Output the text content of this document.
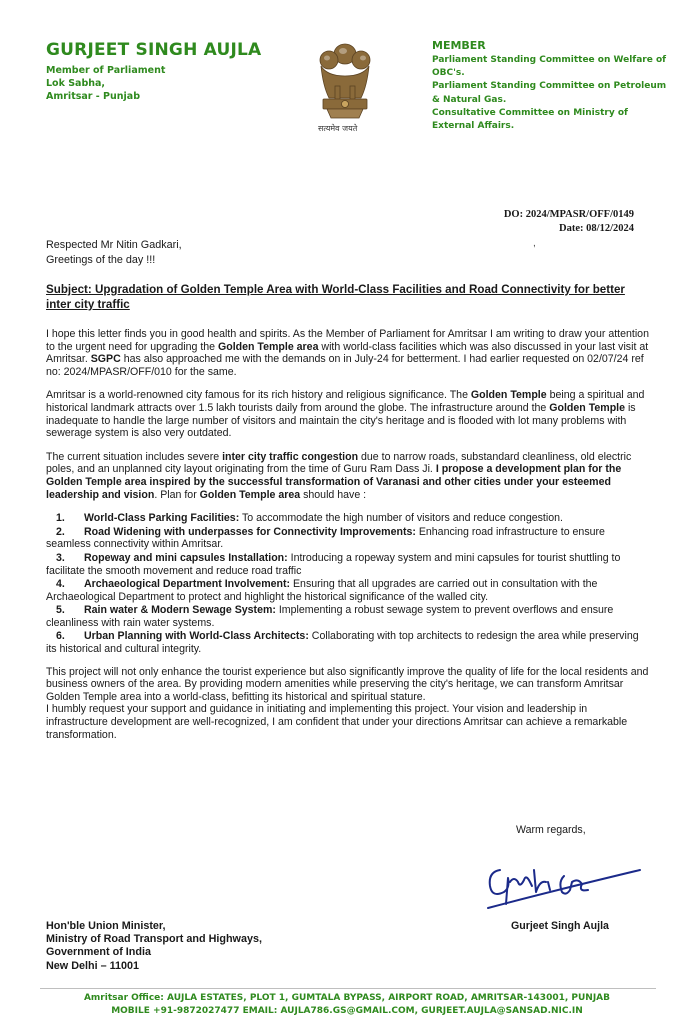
GURJEET SINGH AUJLA
Member of Parliament
Lok Sabha,
Amritsar - Punjab
सत्यमेव जयते
MEMBER
Parliament Standing Committee on Welfare of OBC's.
Parliament Standing Committee on Petroleum & Natural Gas.
Consultative Committee on Ministry of External Affairs.
DO: 2024/MPASR/OFF/0149
Date: 08/12/2024
,
Respected Mr Nitin Gadkari,
Greetings of the day !!!
Subject: Upgradation of Golden Temple Area with World-Class Facilities and Road Connectivity for better inter city traffic
I hope this letter finds you in good health and spirits. As the Member of Parliament for Amritsar I am writing to draw your attention to the urgent need for upgrading the Golden Temple area with world-class facilities which was also discussed in your last visit at Amritsar. SGPC has also approached me with the demands on in July-24 for betterment. I had earlier requested on 02/07/24 ref no: 2024/MPASR/OFF/010 for the same.
Amritsar is a world-renowned city famous for its rich history and religious significance. The Golden Temple being a spiritual and historical landmark attracts over 1.5 lakh tourists daily from around the globe. The infrastructure around the Golden Temple is inadequate to handle the large number of visitors and maintain the city's heritage and is flooded with lot many problems with sewerage system is also very outdated.
The current situation includes severe inter city traffic congestion due to narrow roads, substandard cleanliness, old electric poles, and an unplanned city layout originating from the time of Guru Ram Dass Ji. I propose a development plan for the Golden Temple area inspired by the successful transformation of Varanasi and other cities under your esteemed leadership and vision. Plan for Golden Temple area should have :
1. World-Class Parking Facilities: To accommodate the high number of visitors and reduce congestion.
2. Road Widening with underpasses for Connectivity Improvements: Enhancing road infrastructure to ensure seamless connectivity within Amritsar.
3. Ropeway and mini capsules Installation: Introducing a ropeway system and mini capsules for tourist shuttling to facilitate the smooth movement and reduce road traffic
4. Archaeological Department Involvement: Ensuring that all upgrades are carried out in consultation with the Archaeological Department to protect and highlight the historical significance of the walled city.
5. Rain water & Modern Sewage System: Implementing a robust sewage system to prevent overflows and ensure cleanliness with rain water systems.
6. Urban Planning with World-Class Architects: Collaborating with top architects to redesign the area while preserving its historical and cultural integrity.
This project will not only enhance the tourist experience but also significantly improve the quality of life for the local residents and business owners of the area. By providing modern amenities while preserving the city's heritage, we can transform Amritsar Golden Temple area into a world-class, befitting its historical and spiritual stature.
I humbly request your support and guidance in initiating and implementing this project. Your vision and leadership in infrastructure development are well-recognized, I am confident that under your directions Amritsar can achieve a remarkable transformation.
Warm regards,
Gurjeet Singh Aujla
Hon'ble Union Minister,
Ministry of Road Transport and Highways,
Government of India
New Delhi – 11001
Amritsar Office: AUJLA ESTATES, PLOT 1, GUMTALA BYPASS, AIRPORT ROAD, AMRITSAR-143001, PUNJAB
MOBILE +91-9872027477 EMAIL: AUJLA786.GS@GMAIL.COM, GURJEET.AUJLA@SANSAD.NIC.IN
